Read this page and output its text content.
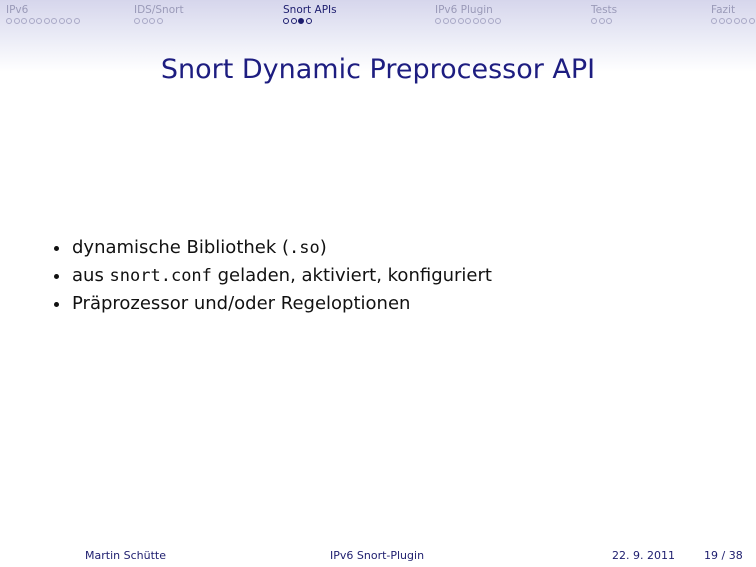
IPv6	IDS/Snort	Snort APIs	IPv6 Plugin	Tests	Fazit
Snort Dynamic Preprocessor API
dynamische Bibliothek (.so)
aus snort.conf geladen, aktiviert, konfiguriert
Präprozessor und/oder Regeloptionen
Martin Schütte	IPv6 Snort-Plugin	22. 9. 2011	19 / 38
